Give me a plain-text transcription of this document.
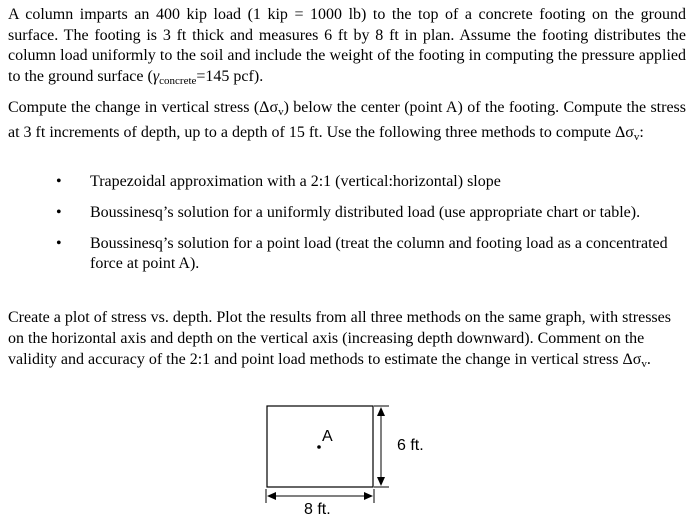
A column imparts an 400 kip load (1 kip = 1000 lb) to the top of a concrete footing on the ground surface. The footing is 3 ft thick and measures 6 ft by 8 ft in plan. Assume the footing distributes the column load uniformly to the soil and include the weight of the footing in computing the pressure applied to the ground surface ($\gamma_{concrete}=145$ pcf).

Compute the change in vertical stress $(\Delta\sigma_v)$ below the center (point A) of the footing. Compute the stress at 3 ft increments of depth, up to a depth of 15 ft. Use the following three methods to compute $\Delta\sigma_v$:

• Trapezoidal approximation with a 2:1 (vertical:horizontal) slope
• Boussinesq’s solution for a uniformly distributed load (use appropriate chart or table).
• Boussinesq’s solution for a point load (treat the column and footing load as a concentrated force at point A).

Create a plot of stress vs. depth. Plot the results from all three methods on the same graph, with stresses on the horizontal axis and depth on the vertical axis (increasing depth downward). Comment on the validity and accuracy of the 2:1 and point load methods to estimate the change in vertical stress $\Delta\sigma_v$.

A
6 ft.
8 ft.
